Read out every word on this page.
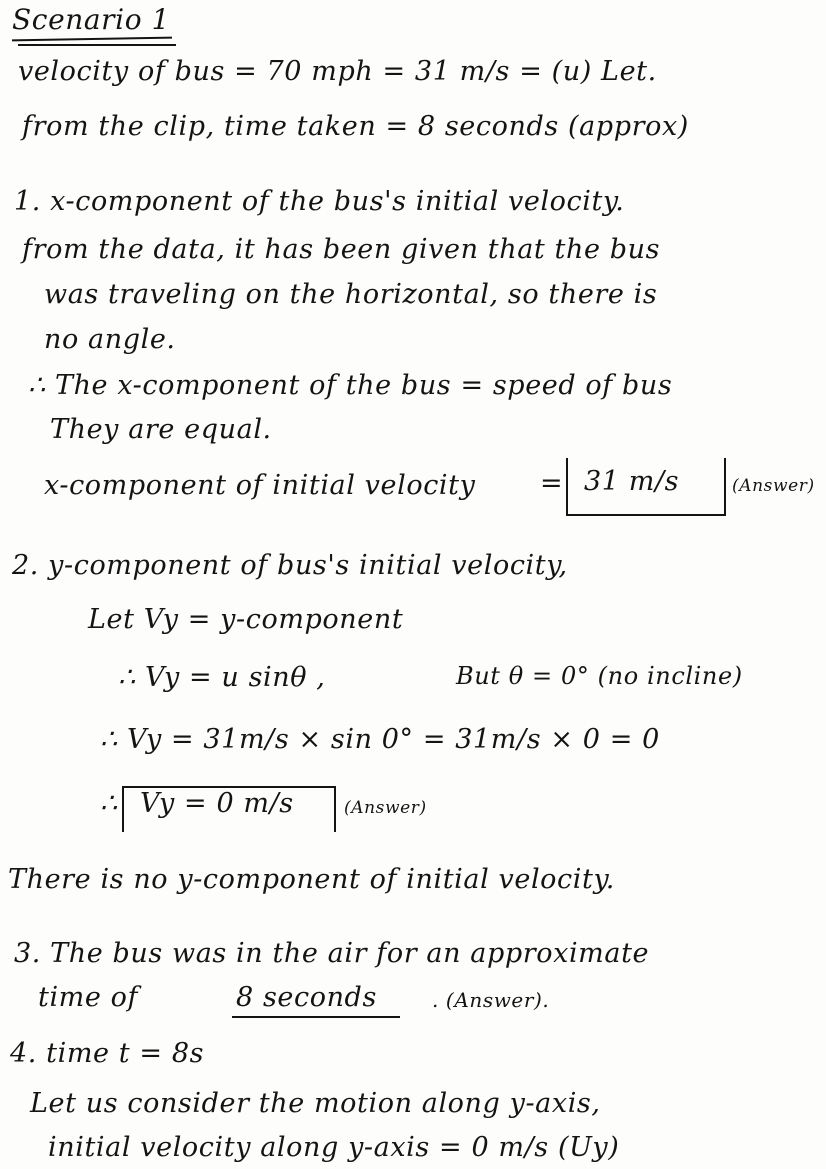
Scenario 1
velocity of bus = 70 mph = 31 m/s = (u) Let.
from the clip, time taken = 8 seconds (approx)
1. x-component of the bus's initial velocity.
from the data, it has been given that the bus
was traveling on the horizontal, so there is
no angle.
∴ The x-component of the bus = speed of bus
They are equal.
x-component of initial velocity = 31 m/s	(Answer)
2. y-component of bus's initial velocity,
Let Vy = y-component
∴ Vy = u sinθ ,	But θ = 0° (no incline)
∴ Vy = 31m/s × sin 0° = 31m/s × 0 = 0
∴ Vy = 0 m/s	(Answer)
There is no y-component of initial velocity.
3. The bus was in the air for an approximate
time of	8 seconds	. (Answer).
4. time t = 8s
Let us consider the motion along y-axis,
initial velocity along y-axis = 0 m/s (Uy)
